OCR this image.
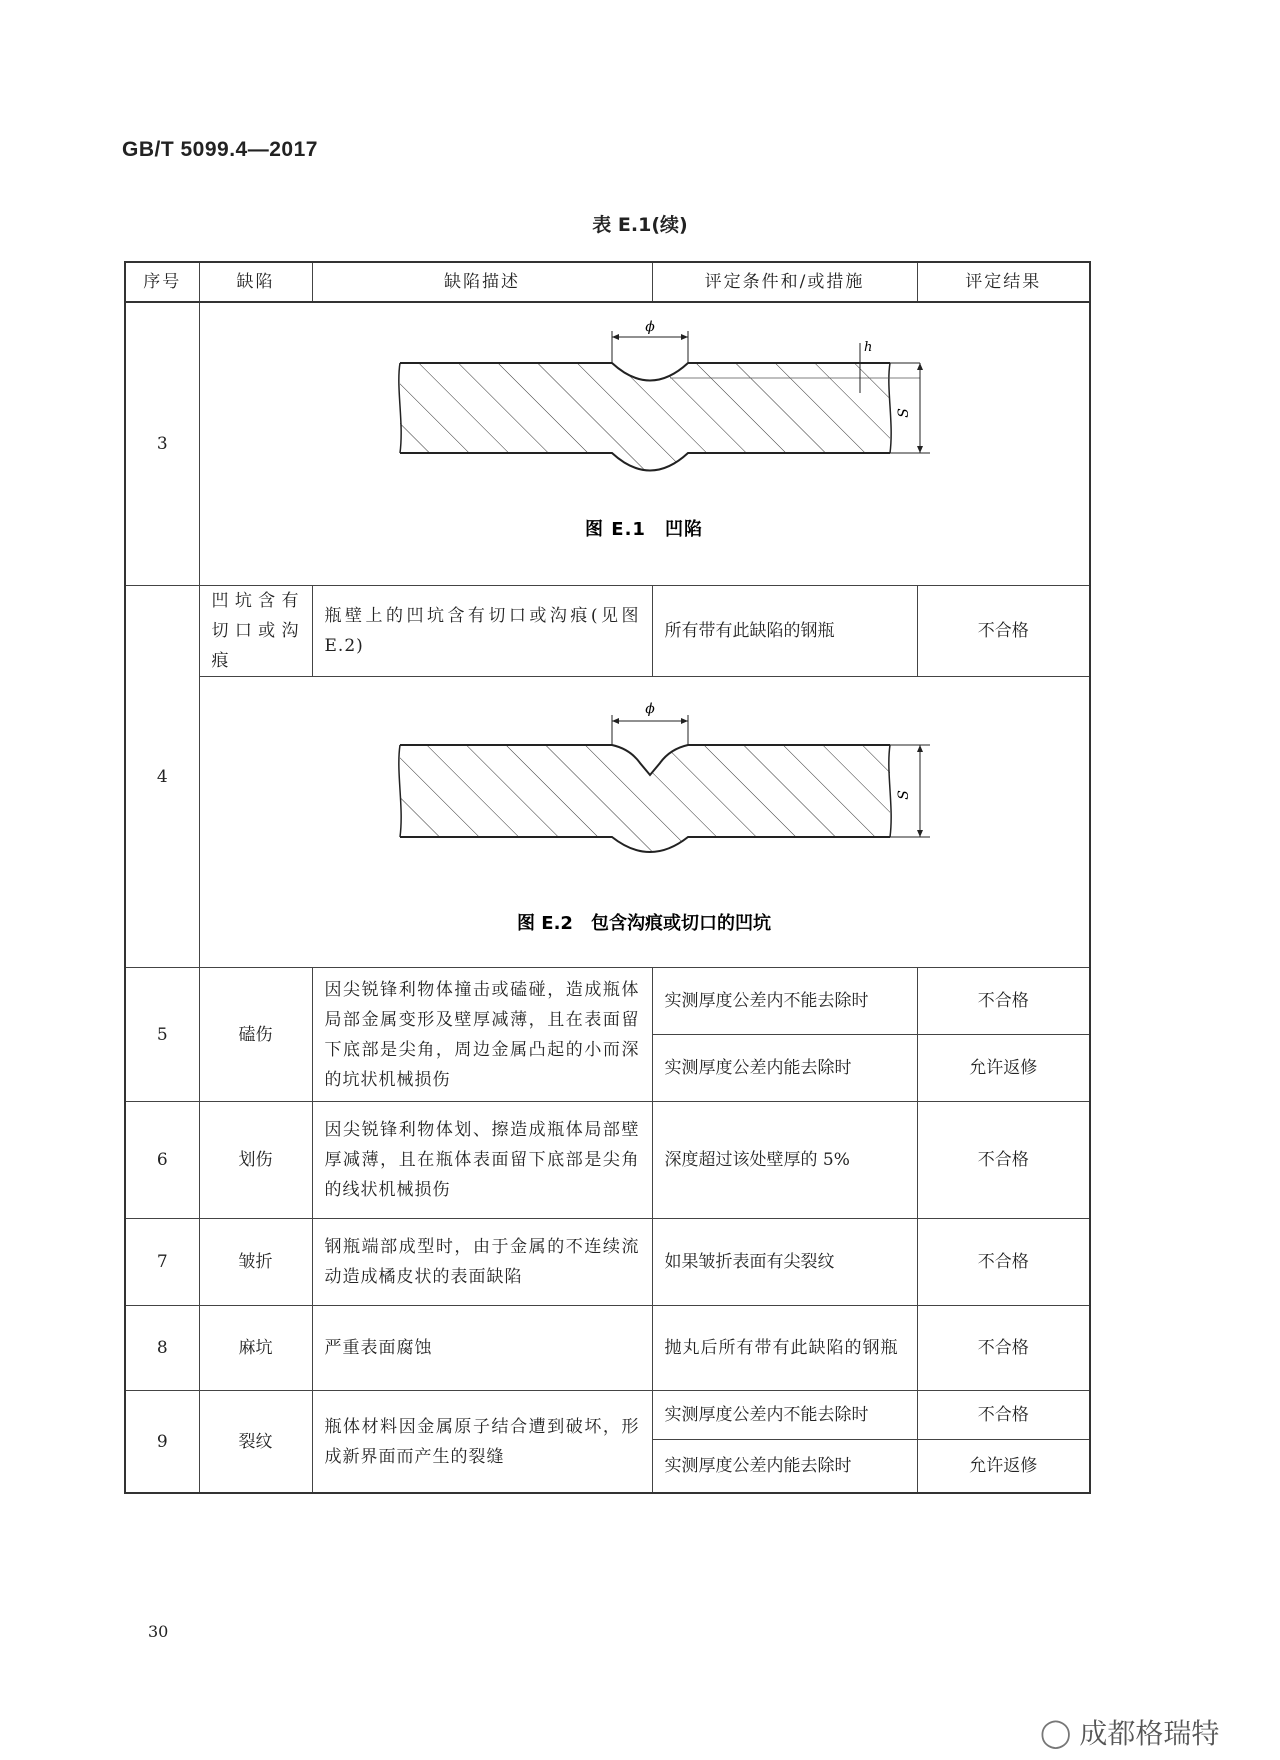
GB/T 5099.4—2017
表 E.1(续)
序号	缺陷	缺陷描述	评定条件和/或措施	评定结果
3	ϕ
h
S
图 E.1　凹陷			

4	凹坑含有切口或沟痕	瓶壁上的凹坑含有切口或沟痕(见图 E.2)	所有带有此缺陷的钢瓶	不合格

ϕ
S
图 E.2　包含沟痕或切口的凹坑			

5	磕伤	因尖锐锋利物体撞击或磕碰，造成瓶体局部金属变形及壁厚减薄，且在表面留下底部是尖角，周边金属凸起的小而深的坑状机械损伤	实测厚度公差内不能去除时	不合格
			实测厚度公差内能去除时	允许返修
6	划伤	因尖锐锋利物体划、擦造成瓶体局部壁厚减薄，且在瓶体表面留下底部是尖角的线状机械损伤	深度超过该处壁厚的 5%	不合格
7	皱折	钢瓶端部成型时，由于金属的不连续流动造成橘皮状的表面缺陷	如果皱折表面有尖裂纹	不合格
8	麻坑	严重表面腐蚀	抛丸后所有带有此缺陷的钢瓶	不合格
9	裂纹	瓶体材料因金属原子结合遭到破坏，形成新界面而产生的裂缝	实测厚度公差内不能去除时	不合格
			实测厚度公差内能去除时	允许返修
30
◯ 成都格瑞特
